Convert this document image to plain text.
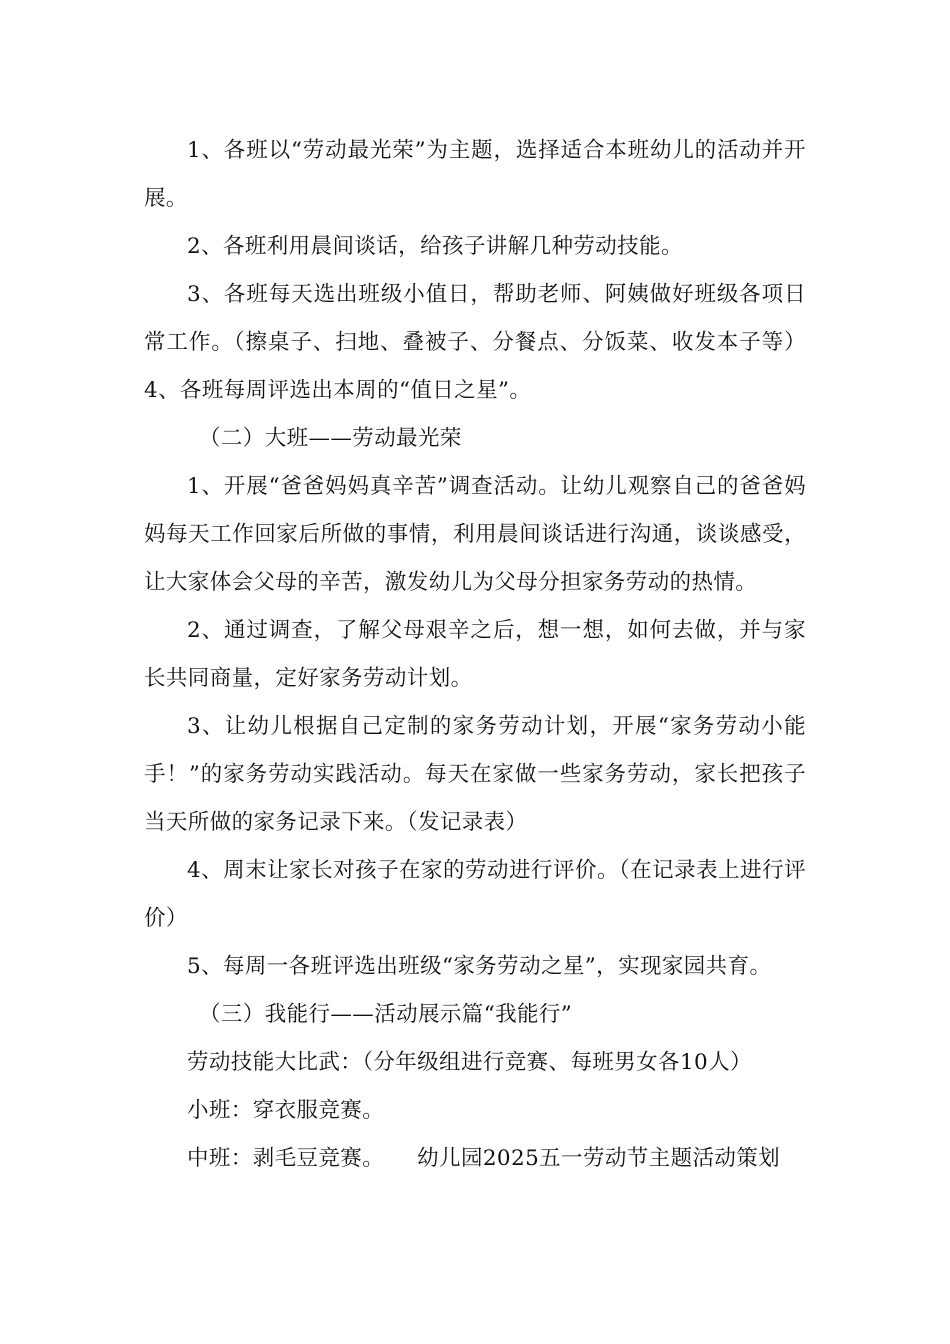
1、各班以“劳动最光荣”为主题，选择适合本班幼儿的活动并开展。

2、各班利用晨间谈话，给孩子讲解几种劳动技能。

3、各班每天选出班级小值日，帮助老师、阿姨做好班级各项日常工作。（擦桌子、扫地、叠被子、分餐点、分饭菜、收发本子等）4、各班每周评选出本周的“值日之星”。

（二）大班——劳动最光荣

1、开展“爸爸妈妈真辛苦”调查活动。让幼儿观察自己的爸爸妈妈每天工作回家后所做的事情，利用晨间谈话进行沟通，谈谈感受，让大家体会父母的辛苦，激发幼儿为父母分担家务劳动的热情。

2、通过调查，了解父母艰辛之后，想一想，如何去做，并与家长共同商量，定好家务劳动计划。

3、让幼儿根据自己定制的家务劳动计划，开展“家务劳动小能手！”的家务劳动实践活动。每天在家做一些家务劳动，家长把孩子当天所做的家务记录下来。（发记录表）

4、周末让家长对孩子在家的劳动进行评价。（在记录表上进行评价）

5、每周一各班评选出班级“家务劳动之星”，实现家园共育。

（三）我能行——活动展示篇“我能行”

劳动技能大比武：（分年级组进行竞赛、每班男女各10人）

小班：穿衣服竞赛。

中班：剥毛豆竞赛。　　幼儿园2025五一劳动节主题活动策划
